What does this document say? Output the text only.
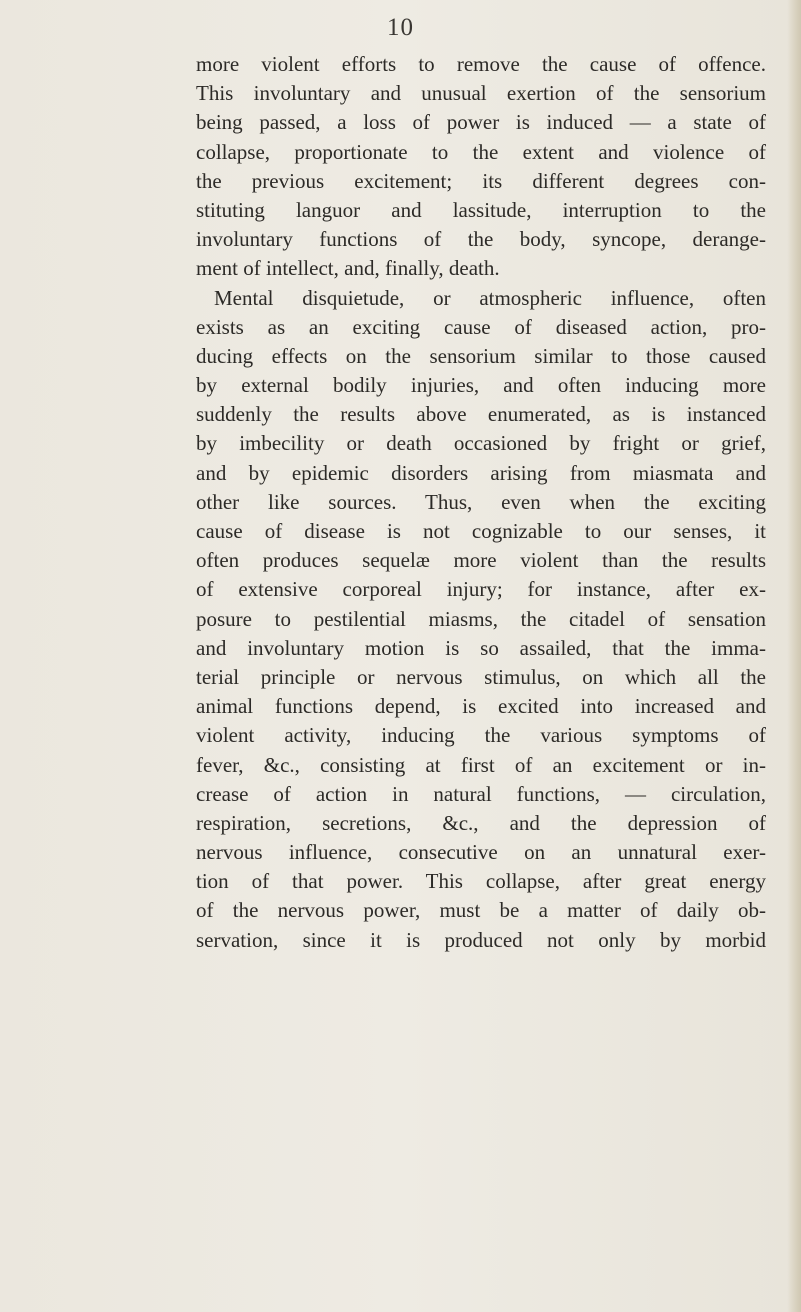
10
more violent efforts to remove the cause of offence.
This involuntary and unusual exertion of the sensorium
being passed, a loss of power is induced — a state of
collapse, proportionate to the extent and violence of
the previous excitement; its different degrees con-
stituting languor and lassitude, interruption to the
involuntary functions of the body, syncope, derange-
ment of intellect, and, finally, death.
Mental disquietude, or atmospheric influence, often
exists as an exciting cause of diseased action, pro-
ducing effects on the sensorium similar to those caused
by external bodily injuries, and often inducing more
suddenly the results above enumerated, as is instanced
by imbecility or death occasioned by fright or grief,
and by epidemic disorders arising from miasmata and
other like sources. Thus, even when the exciting
cause of disease is not cognizable to our senses, it
often produces sequelæ more violent than the results
of extensive corporeal injury; for instance, after ex-
posure to pestilential miasms, the citadel of sensation
and involuntary motion is so assailed, that the imma-
terial principle or nervous stimulus, on which all the
animal functions depend, is excited into increased and
violent activity, inducing the various symptoms of
fever, &c., consisting at first of an excitement or in-
crease of action in natural functions, — circulation,
respiration, secretions, &c., and the depression of
nervous influence, consecutive on an unnatural exer-
tion of that power. This collapse, after great energy
of the nervous power, must be a matter of daily ob-
servation, since it is produced not only by morbid
